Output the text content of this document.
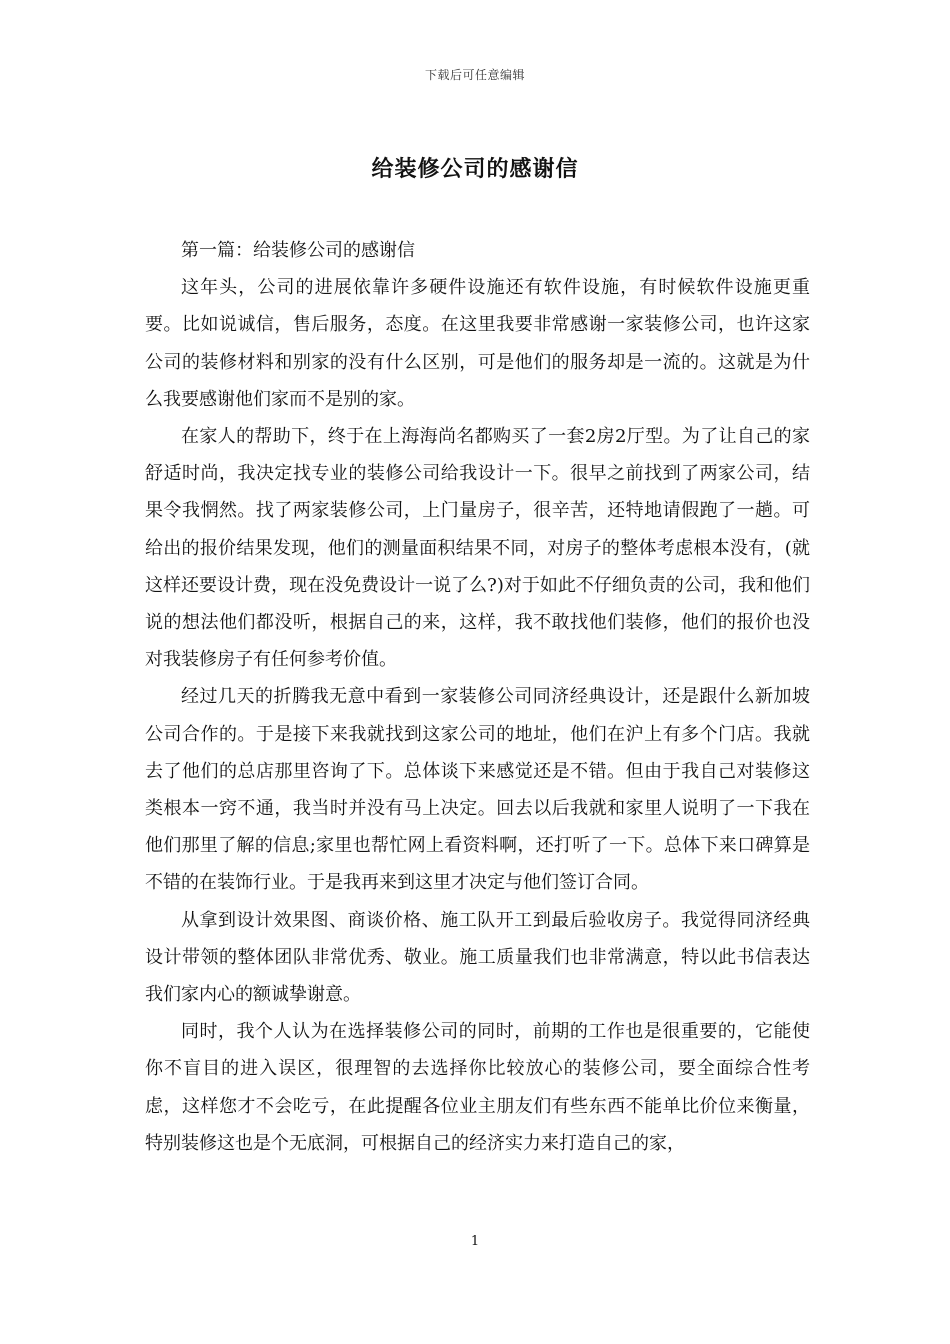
下载后可任意编辑
给装修公司的感谢信

第一篇：给装修公司的感谢信

这年头，公司的进展依靠许多硬件设施还有软件设施，有时候软件设施更重要。比如说诚信，售后服务，态度。在这里我要非常感谢一家装修公司，也许这家公司的装修材料和别家的没有什么区别，可是他们的服务却是一流的。这就是为什么我要感谢他们家而不是别的家。

在家人的帮助下，终于在上海海尚名都购买了一套2房2厅型。为了让自己的家舒适时尚，我决定找专业的装修公司给我设计一下。很早之前找到了两家公司，结果令我惘然。找了两家装修公司，上门量房子，很辛苦，还特地请假跑了一趟。可给出的报价结果发现，他们的测量面积结果不同，对房子的整体考虑根本没有，(就这样还要设计费，现在没免费设计一说了么?)对于如此不仔细负责的公司，我和他们说的想法他们都没听，根据自己的来，这样，我不敢找他们装修，他们的报价也没对我装修房子有任何参考价值。

经过几天的折腾我无意中看到一家装修公司同济经典设计，还是跟什么新加坡公司合作的。于是接下来我就找到这家公司的地址，他们在沪上有多个门店。我就去了他们的总店那里咨询了下。总体谈下来感觉还是不错。但由于我自己对装修这类根本一窍不通，我当时并没有马上决定。回去以后我就和家里人说明了一下我在他们那里了解的信息;家里也帮忙网上看资料啊，还打听了一下。总体下来口碑算是不错的在装饰行业。于是我再来到这里才决定与他们签订合同。

从拿到设计效果图、商谈价格、施工队开工到最后验收房子。我觉得同济经典设计带领的整体团队非常优秀、敬业。施工质量我们也非常满意，特以此书信表达我们家内心的额诚挚谢意。

同时，我个人认为在选择装修公司的同时，前期的工作也是很重要的，它能使你不盲目的进入误区，很理智的去选择你比较放心的装修公司，要全面综合性考虑，这样您才不会吃亏，在此提醒各位业主朋友们有些东西不能单比价位来衡量，特别装修这也是个无底洞，可根据自己的经济实力来打造自己的家，

1
